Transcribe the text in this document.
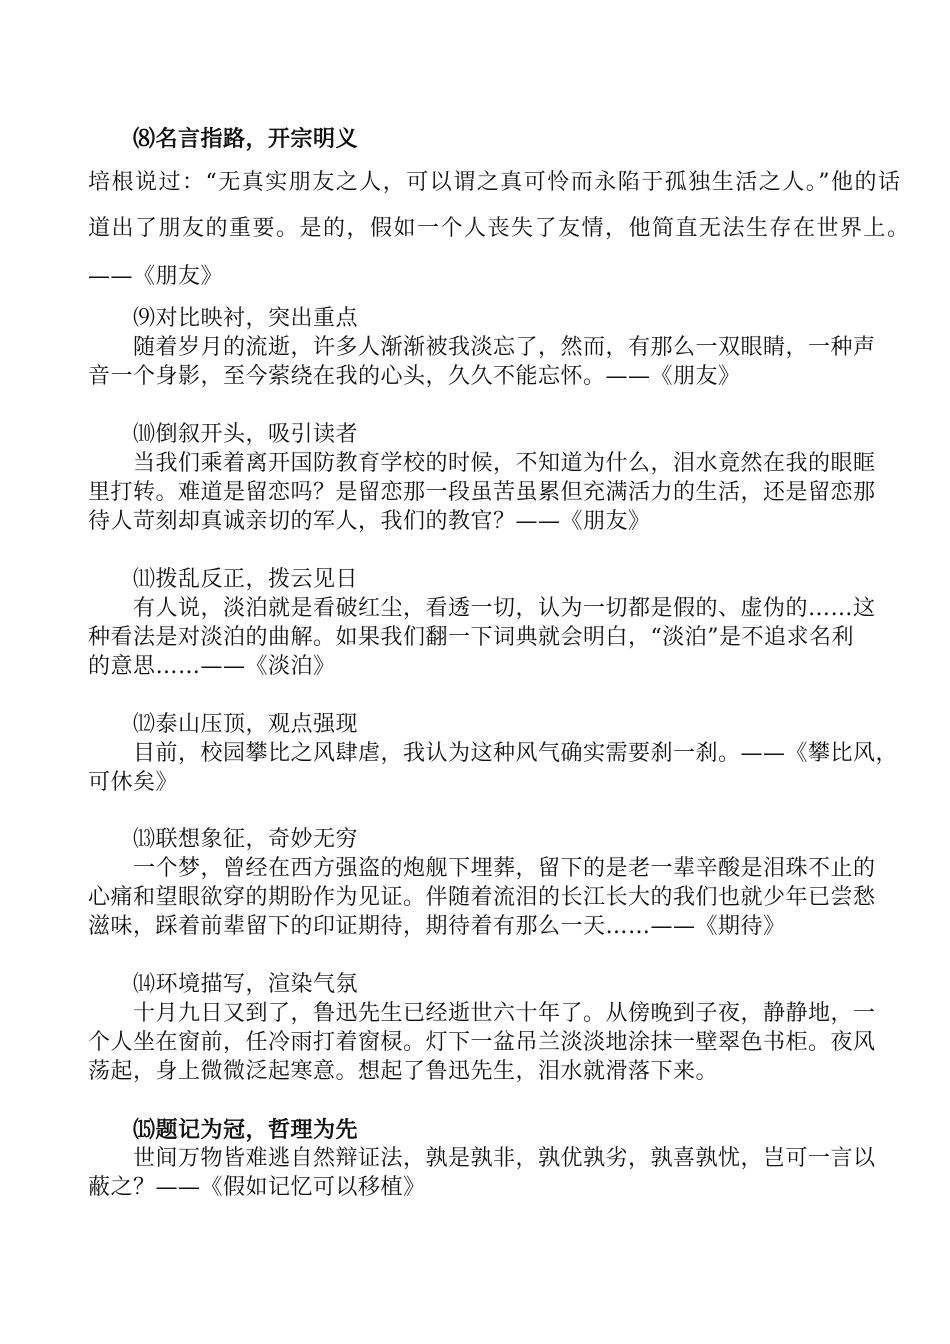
⑻名言指路，开宗明义
培根说过：“无真实朋友之人，可以谓之真可怜而永陷于孤独生活之人。”他的话
道出了朋友的重要。是的，假如一个人丧失了友情，他简直无法生存在世界上。
——《朋友》
⑼对比映衬，突出重点
随着岁月的流逝，许多人渐渐被我淡忘了，然而，有那么一双眼睛，一种声
音一个身影，至今萦绕在我的心头，久久不能忘怀。——《朋友》
⑽倒叙开头，吸引读者
当我们乘着离开国防教育学校的时候，不知道为什么，泪水竟然在我的眼眶
里打转。难道是留恋吗？是留恋那一段虽苦虽累但充满活力的生活，还是留恋那
待人苛刻却真诚亲切的军人，我们的教官？——《朋友》
⑾拨乱反正，拨云见日
有人说，淡泊就是看破红尘，看透一切，认为一切都是假的、虚伪的……这
种看法是对淡泊的曲解。如果我们翻一下词典就会明白，“淡泊”是不追求名利
的意思……——《淡泊》
⑿泰山压顶，观点强现
目前，校园攀比之风肆虐，我认为这种风气确实需要刹一刹。——《攀比风，
可休矣》
⒀联想象征，奇妙无穷
一个梦，曾经在西方强盗的炮舰下埋葬，留下的是老一辈辛酸是泪珠不止的
心痛和望眼欲穿的期盼作为见证。伴随着流泪的长江长大的我们也就少年已尝愁
滋味，踩着前辈留下的印证期待，期待着有那么一天……——《期待》
⒁环境描写，渲染气氛
十月九日又到了，鲁迅先生已经逝世六十年了。从傍晚到子夜，静静地，一
个人坐在窗前，任冷雨打着窗棂。灯下一盆吊兰淡淡地涂抹一壁翠色书柜。夜风
荡起，身上微微泛起寒意。想起了鲁迅先生，泪水就滑落下来。
⒂题记为冠，哲理为先
世间万物皆难逃自然辩证法，孰是孰非，孰优孰劣，孰喜孰忧，岂可一言以
蔽之？——《假如记忆可以移植》
